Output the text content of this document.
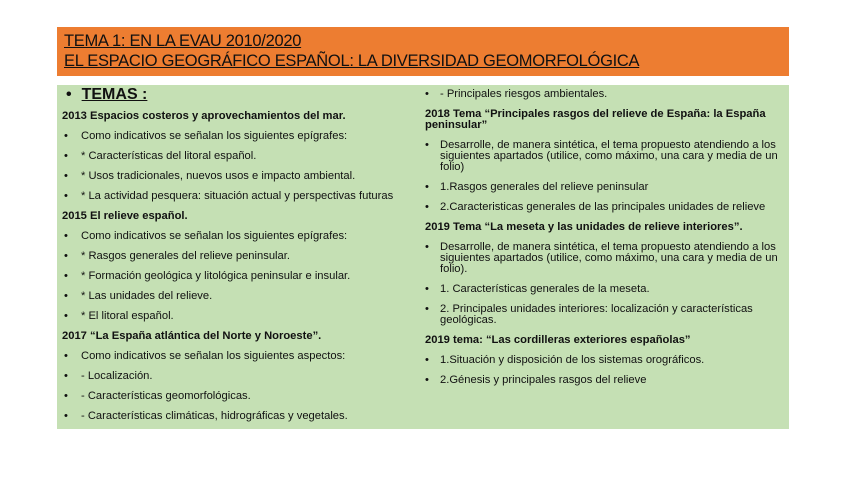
TEMA 1: EN LA EVAU 2010/2020
EL ESPACIO GEOGRÁFICO ESPAÑOL: LA DIVERSIDAD GEOMORFOLÓGICA
• TEMAS :
2013 Espacios costeros y aprovechamientos del mar.
• Como indicativos se señalan los siguientes epígrafes:
• * Características del litoral español.
• * Usos tradicionales, nuevos usos e impacto ambiental.
• * La actividad pesquera: situación actual y perspectivas futuras
2015 El relieve español.
• Como indicativos se señalan los siguientes epígrafes:
• * Rasgos generales del relieve peninsular.
• * Formación geológica y litológica peninsular e insular.
• * Las unidades del relieve.
• * El litoral español.
2017 “La España atlántica del Norte y Noroeste”.
• Como indicativos se señalan los siguientes aspectos:
• - Localización.
• - Características geomorfológicas.
• - Características climáticas, hidrográficas y vegetales.
• - Principales riesgos ambientales.
2018 Tema “Principales rasgos del relieve de España: la España peninsular”
• Desarrolle, de manera sintética, el tema propuesto atendiendo a los siguientes apartados (utilice, como máximo, una cara y media de un folio)
• 1.Rasgos generales del relieve peninsular
• 2.Caracteristicas generales de las principales unidades de relieve
2019 Tema “La meseta y las unidades de relieve interiores”.
• Desarrolle, de manera sintética, el tema propuesto atendiendo a los siguientes apartados (utilice, como máximo, una cara y media de un folio).
• 1. Características generales de la meseta.
• 2. Principales unidades interiores: localización y características geológicas.
2019 tema: “Las cordilleras exteriores españolas”
• 1.Situación y disposición de los sistemas orográficos.
• 2.Génesis y principales rasgos del relieve
